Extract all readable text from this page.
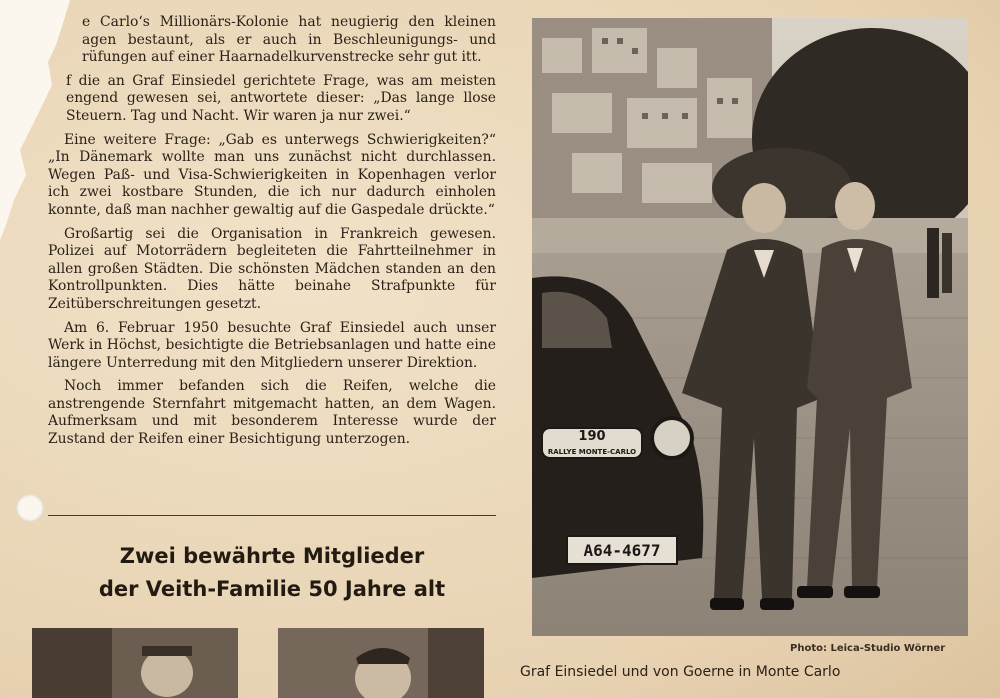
e Carlo‘s Millionärs-Kolonie hat neugierig den kleinen agen bestaunt, als er auch in Beschleunigungs- und rüfungen auf einer Haarnadelkurvenstrecke sehr gut itt.

f die an Graf Einsiedel gerichtete Frage, was am meisten engend gewesen sei, antwortete dieser: „Das lange llose Steuern. Tag und Nacht. Wir waren ja nur zwei.“

Eine weitere Frage: „Gab es unterwegs Schwierigkeiten?“ „In Dänemark wollte man uns zunächst nicht durchlassen. Wegen Paß- und Visa-Schwierigkeiten in Kopenhagen verlor ich zwei kostbare Stunden, die ich nur dadurch einholen konnte, daß man nachher gewaltig auf die Gaspedale drückte.“

Großartig sei die Organisation in Frankreich gewesen. Polizei auf Motorrädern begleiteten die Fahrtteilnehmer in allen großen Städten. Die schönsten Mädchen standen an den Kontrollpunkten. Dies hätte beinahe Strafpunkte für Zeitüberschreitungen gesetzt.

Am 6. Februar 1950 besuchte Graf Einsiedel auch unser Werk in Höchst, besichtigte die Betriebsanlagen und hatte eine längere Unterredung mit den Mitgliedern unserer Direktion.

Noch immer befanden sich die Reifen, welche die anstrengende Sternfahrt mitgemacht hatten, an dem Wagen. Aufmerksam und mit besonderem Interesse wurde der Zustand der Reifen einer Besichtigung unterzogen.

Zwei bewährte Mitglieder
der Veith-Familie 50 Jahre alt
190
RALLYE MONTE-CARLO
A64-4677
Photo: Leica-Studio Wörner
Graf Einsiedel und von Goerne in Monte Carlo
